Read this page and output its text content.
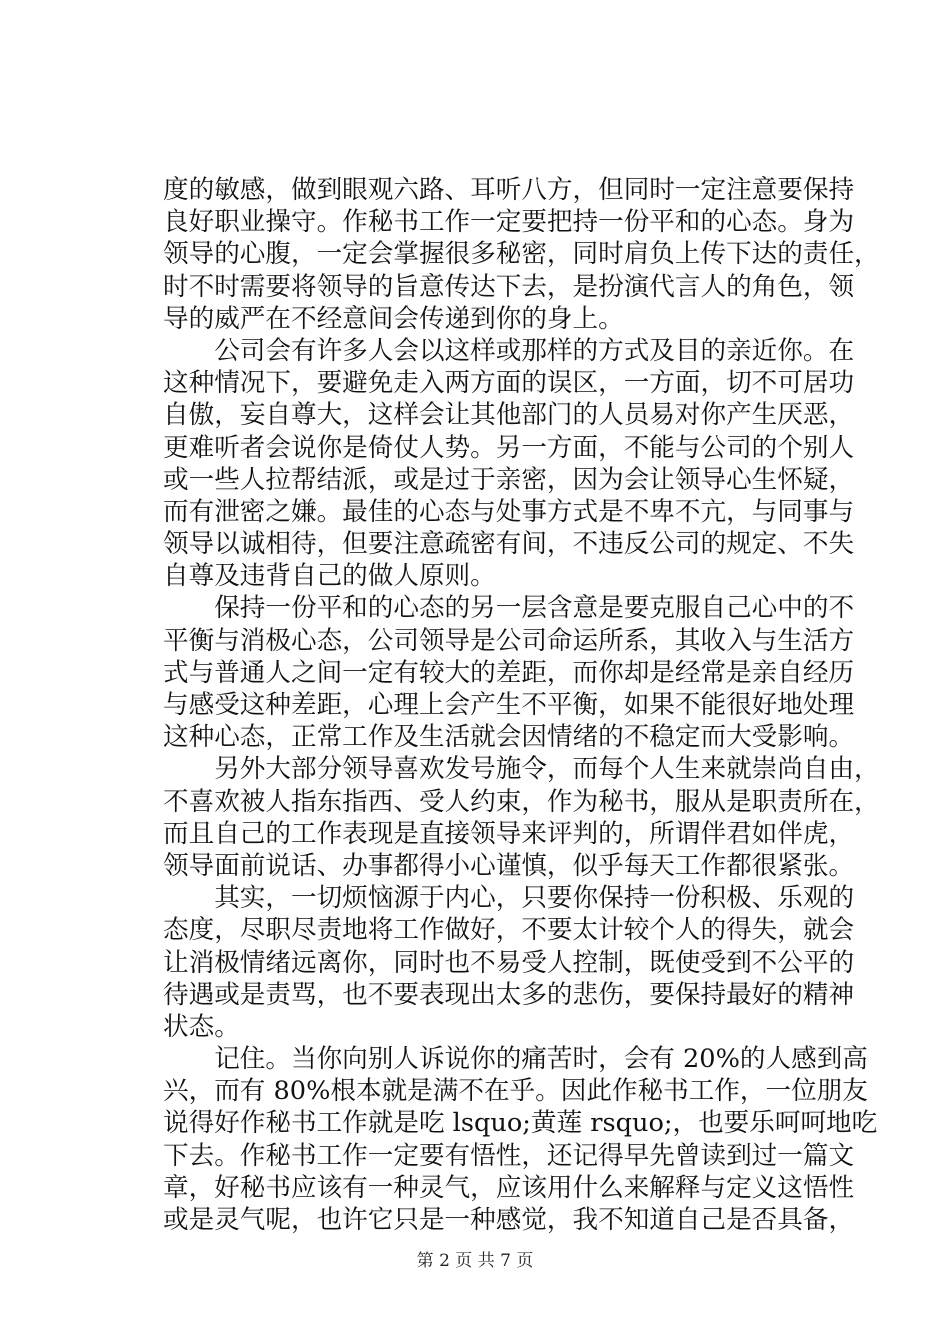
度的敏感，做到眼观六路、耳听八方，但同时一定注意要保持
良好职业操守。作秘书工作一定要把持一份平和的心态。身为
领导的心腹，一定会掌握很多秘密，同时肩负上传下达的责任，
时不时需要将领导的旨意传达下去，是扮演代言人的角色，领
导的威严在不经意间会传递到你的身上。
公司会有许多人会以这样或那样的方式及目的亲近你。在
这种情况下，要避免走入两方面的误区，一方面，切不可居功
自傲，妄自尊大，这样会让其他部门的人员易对你产生厌恶，
更难听者会说你是倚仗人势。另一方面，不能与公司的个别人
或一些人拉帮结派，或是过于亲密，因为会让领导心生怀疑，
而有泄密之嫌。最佳的心态与处事方式是不卑不亢，与同事与
领导以诚相待，但要注意疏密有间，不违反公司的规定、不失
自尊及违背自己的做人原则。
保持一份平和的心态的另一层含意是要克服自己心中的不
平衡与消极心态，公司领导是公司命运所系，其收入与生活方
式与普通人之间一定有较大的差距，而你却是经常是亲自经历
与感受这种差距，心理上会产生不平衡，如果不能很好地处理
这种心态，正常工作及生活就会因情绪的不稳定而大受影响。
另外大部分领导喜欢发号施令，而每个人生来就崇尚自由，
不喜欢被人指东指西、受人约束，作为秘书，服从是职责所在，
而且自己的工作表现是直接领导来评判的，所谓伴君如伴虎，
领导面前说话、办事都得小心谨慎，似乎每天工作都很紧张。
其实，一切烦恼源于内心，只要你保持一份积极、乐观的
态度，尽职尽责地将工作做好，不要太计较个人的得失，就会
让消极情绪远离你，同时也不易受人控制，既使受到不公平的
待遇或是责骂，也不要表现出太多的悲伤，要保持最好的精神
状态。
记住。当你向别人诉说你的痛苦时，会有 20%的人感到高
兴，而有 80%根本就是满不在乎。因此作秘书工作，一位朋友
说得好作秘书工作就是吃 lsquo;黄莲 rsquo;，也要乐呵呵地吃
下去。作秘书工作一定要有悟性，还记得早先曾读到过一篇文
章，好秘书应该有一种灵气，应该用什么来解释与定义这悟性
或是灵气呢，也许它只是一种感觉，我不知道自己是否具备，
第 2 页 共 7 页
